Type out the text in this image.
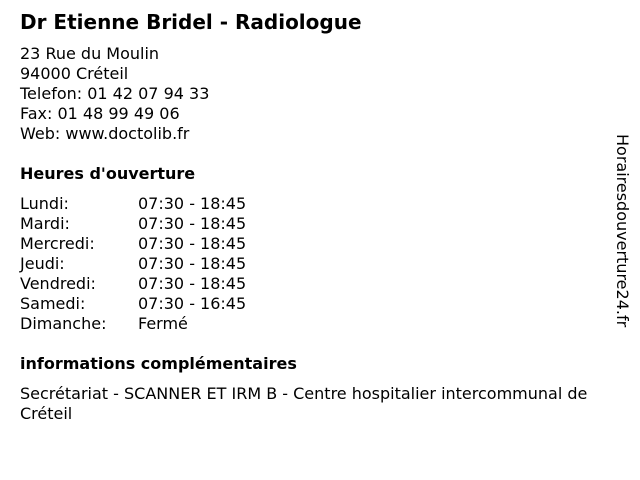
Dr Etienne Bridel - Radiologue
23 Rue du Moulin
94000 Créteil
Telefon: 01 42 07 94 33
Fax: 01 48 99 49 06
Web: www.doctolib.fr
Heures d'ouverture
Lundi:	07:30 - 18:45
Mardi:	07:30 - 18:45
Mercredi:	07:30 - 18:45
Jeudi:	07:30 - 18:45
Vendredi:	07:30 - 18:45
Samedi:	07:30 - 16:45
Dimanche:	Fermé
informations complémentaires
Secrétariat - SCANNER ET IRM B - Centre hospitalier intercommunal de Créteil
Horairesdouverture24.fr
